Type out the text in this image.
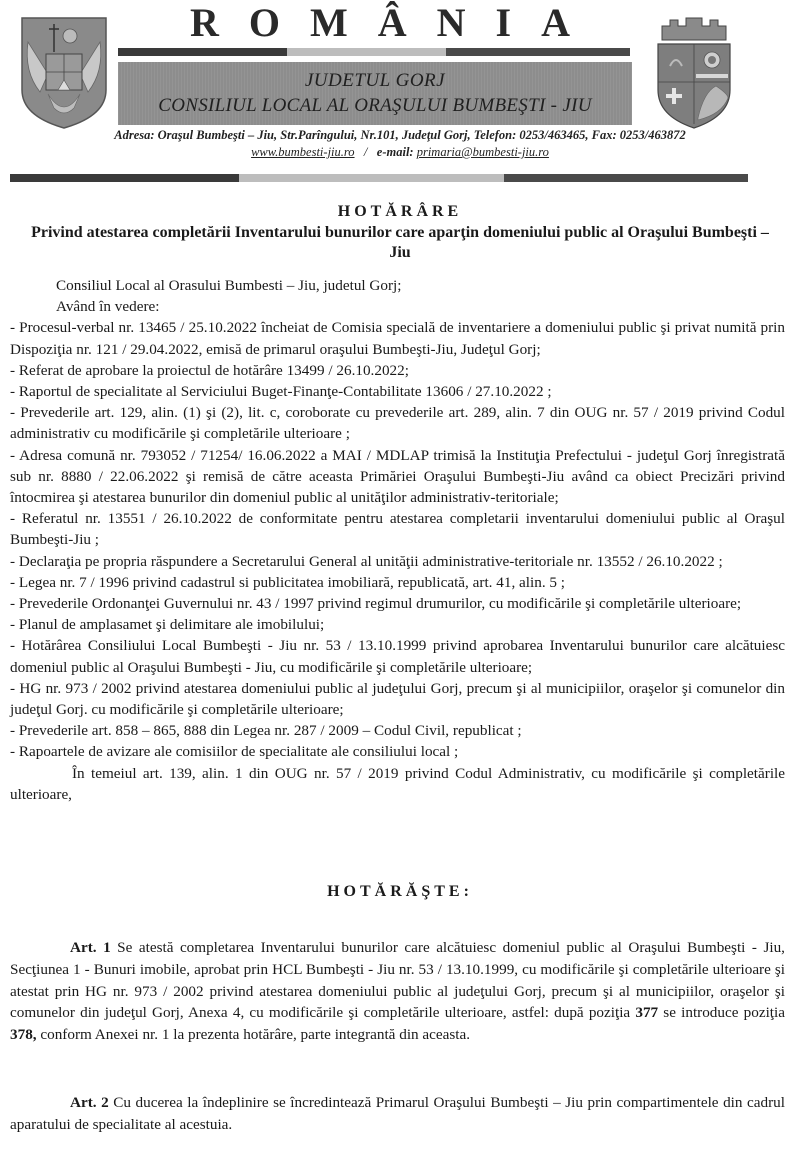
ROMÂNIA
JUDETUL GORJ
CONSILIUL LOCAL AL ORAŞULUI BUMBEŞTI - JIU
Adresa: Oraşul Bumbeşti – Jiu, Str.Parîngului, Nr.101, Judeţul Gorj, Telefon: 0253/463465, Fax: 0253/463872
www.bumbesti-jiu.ro / e-mail: primaria@bumbesti-jiu.ro
HOTĂRÂRE
Privind atestarea completării Inventarului bunurilor care aparţin domeniului public al Oraşului Bumbeşti – Jiu

Consiliul Local al Orasului Bumbesti – Jiu, judetul Gorj;

Având în vedere:

- Procesul-verbal nr. 13465 / 25.10.2022 încheiat de Comisia specială de inventariere a domeniului public şi privat numită prin Dispoziţia nr. 121 / 29.04.2022, emisă de primarul oraşului Bumbeşti-Jiu, Judeţul Gorj;

- Referat de aprobare la proiectul de hotărâre 13499 / 26.10.2022;

- Raportul de specialitate al Serviciului Buget-Finanţe-Contabilitate 13606 / 27.10.2022 ;

- Prevederile art. 129, alin. (1) şi (2), lit. c, coroborate cu prevederile art. 289, alin. 7 din OUG nr. 57 / 2019 privind Codul administrativ cu modificările şi completările ulterioare ;

- Adresa comună nr. 793052 / 71254/ 16.06.2022 a MAI / MDLAP trimisă la Instituţia Prefectului - judeţul Gorj înregistrată sub nr. 8880 / 22.06.2022 şi remisă de către aceasta Primăriei Oraşului Bumbeşti-Jiu având ca obiect Precizări privind întocmirea şi atestarea bunurilor din domeniul public al unităţilor administrativ-teritoriale;

- Referatul nr. 13551 / 26.10.2022 de conformitate pentru atestarea completarii inventarului domeniului public al Oraşul Bumbeşti-Jiu ;

- Declaraţia pe propria răspundere a Secretarului General al unităţii administrative-teritoriale nr. 13552 / 26.10.2022 ;

- Legea nr. 7 / 1996 privind cadastrul si publicitatea imobiliară, republicată, art. 41, alin. 5 ;

- Prevederile Ordonanţei Guvernului nr. 43 / 1997 privind regimul drumurilor, cu modificările şi completările ulterioare;

- Planul de amplasamet şi delimitare ale imobilului;

- Hotărârea Consiliului Local Bumbeşti - Jiu nr. 53 / 13.10.1999 privind aprobarea Inventarului bunurilor care alcătuiesc domeniul public al Oraşului Bumbeşti - Jiu, cu modificările şi completările ulterioare;

- HG nr. 973 / 2002 privind atestarea domeniului public al judeţului Gorj, precum şi al municipiilor, oraşelor şi comunelor din judeţul Gorj. cu modificările şi completările ulterioare;

- Prevederile art. 858 – 865, 888 din Legea nr. 287 / 2009 – Codul Civil, republicat ;

- Rapoartele de avizare ale comisiilor de specialitate ale consiliului local ;

În temeiul art. 139, alin. 1 din OUG nr. 57 / 2019 privind Codul Administrativ, cu modificările şi completările ulterioare,

HOTĂRĂŞTE:

Art. 1 Se atestă completarea Inventarului bunurilor care alcătuiesc domeniul public al Oraşului Bumbeşti - Jiu, Secţiunea 1 - Bunuri imobile, aprobat prin HCL Bumbeşti - Jiu nr. 53 / 13.10.1999, cu modificările şi completările ulterioare şi atestat prin HG nr. 973 / 2002 privind atestarea domeniului public al judeţului Gorj, precum şi al municipiilor, oraşelor şi comunelor din judeţul Gorj, Anexa 4, cu modificările şi completările ulterioare, astfel: după poziţia 377 se introduce poziţia 378, conform Anexei nr. 1 la prezenta hotărâre, parte integrantă din aceasta.

Art. 2 Cu ducerea la îndeplinire se încredintează Primarul Oraşului Bumbeşti – Jiu prin compartimentele din cadrul aparatului de specialitate al acestuia.
